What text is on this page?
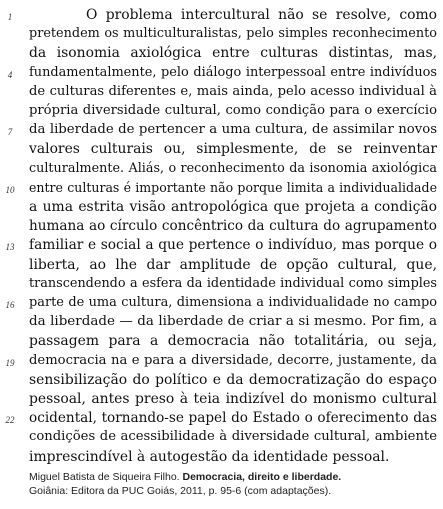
1	O problema intercultural não se resolve, como
pretendem os multiculturalistas, pelo simples reconhecimento
da isonomia axiológica entre culturas distintas, mas,
4	fundamentalmente, pelo diálogo interpessoal entre indivíduos
de culturas diferentes e, mais ainda, pelo acesso individual à
própria diversidade cultural, como condição para o exercício
7	da liberdade de pertencer a uma cultura, de assimilar novos
valores culturais ou, simplesmente, de se reinventar
culturalmente. Aliás, o reconhecimento da isonomia axiológica
10 entre culturas é importante não porque limita a individualidade
a uma estrita visão antropológica que projeta a condição
humana ao círculo concêntrico da cultura do agrupamento
13 familiar e social a que pertence o indivíduo, mas porque o
liberta, ao lhe dar amplitude de opção cultural, que,
transcendendo a esfera da identidade individual como simples
16 parte de uma cultura, dimensiona a individualidade no campo
da liberdade — da liberdade de criar a si mesmo. Por fim, a
passagem para a democracia não totalitária, ou seja,
19 democracia na e para a diversidade, decorre, justamente, da
sensibilização do político e da democratização do espaço
pessoal, antes preso à teia indizível do monismo cultural
22 ocidental, tornando-se papel do Estado o oferecimento das
condições de acessibilidade à diversidade cultural, ambiente
imprescindível à autogestão da identidade pessoal.
Miguel Batista de Siqueira Filho. Democracia, direito e liberdade.
Goiânia: Editora da PUC Goiás, 2011, p. 95-6 (com adaptações).
